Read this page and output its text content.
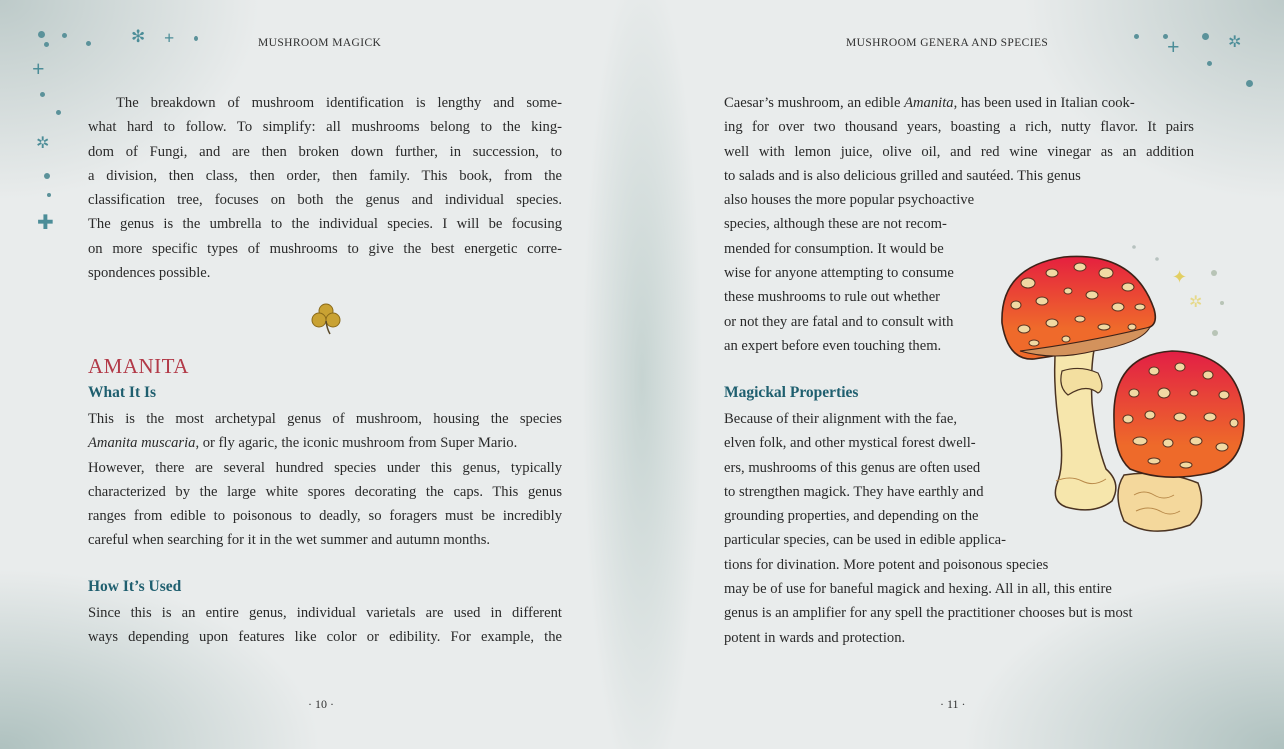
✻ +
+
✲
✚
MUSHROOM MAGICK
The breakdown of mushroom identification is lengthy and some-
what hard to follow. To simplify: all mushrooms belong to the king-
dom of Fungi, and are then broken down further, in succession, to
a division, then class, then order, then family. This book, from the
classification tree, focuses on both the genus and individual species.
The genus is the umbrella to the individual species. I will be focusing
on more specific types of mushrooms to give the best energetic corre-
spondences possible.
AMANITA
What It Is
This is the most archetypal genus of mushroom, housing the species
Amanita muscaria, or fly agaric, the iconic mushroom from Super Mario.
However, there are several hundred species under this genus, typically
characterized by the large white spores decorating the caps. This genus
ranges from edible to poisonous to deadly, so foragers must be incredibly
careful when searching for it in the wet summer and autumn months.
How It’s Used
Since this is an entire genus, individual varietals are used in different
ways depending upon features like color or edibility. For example, the
· 10 ·
+	✲
MUSHROOM GENERA AND SPECIES
Caesar’s mushroom, an edible Amanita, has been used in Italian cook-
ing for over two thousand years, boasting a rich, nutty flavor. It pairs
well with lemon juice, olive oil, and red wine vinegar as an addition
to salads and is also delicious grilled and sautéed. This genus
also houses the more popular psychoactive
species, although these are not recom-
mended for consumption. It would be
wise for anyone attempting to consume
these mushrooms to rule out whether
or not they are fatal and to consult with
an expert before even touching them.
Magickal Properties
Because of their alignment with the fae,
elven folk, and other mystical forest dwell-
ers, mushrooms of this genus are often used
to strengthen magick. They have earthly and
grounding properties, and depending on the
particular species, can be used in edible applica-
tions for divination. More potent and poisonous species
may be of use for baneful magick and hexing. All in all, this entire
genus is an amplifier for any spell the practitioner chooses but is most
potent in wards and protection.
✦
✲
· 11 ·
